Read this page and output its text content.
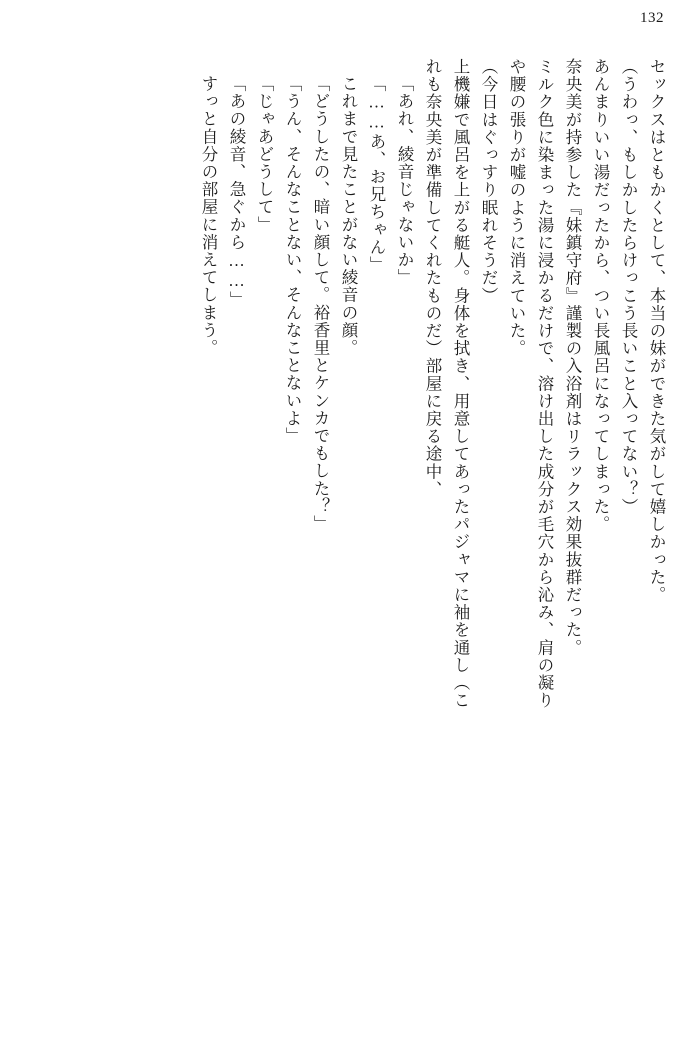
132
セックスはともかくとして、本当の妹ができた気がして嬉しかった。
（うわっ、もしかしたらけっこう長いこと入ってない？）
あんまりいい湯だったから、つい長風呂になってしまった。
奈央美が持参した『妹鎮守府』謹製の入浴剤はリラックス効果抜群だった。
ミルク色に染まった湯に浸かるだけで、溶け出した成分が毛穴から沁み、肩の凝り
や腰の張りが嘘のように消えていた。
（今日はぐっすり眠れそうだ）
上機嫌で風呂を上がる艇人。身体を拭き、用意してあったパジャマに袖を通し（こ
れも奈央美が準備してくれたものだ）部屋に戻る途中、
「あれ、綾音じゃないか」
「……あ、お兄ちゃん」
これまで見たことがない綾音の顔。
「どうしたの、暗い顔して。裕香里とケンカでもした？」
「うん、そんなことない、そんなことないよ」
「じゃあどうして」
「あの綾音、急ぐから……」
すっと自分の部屋に消えてしまう。
